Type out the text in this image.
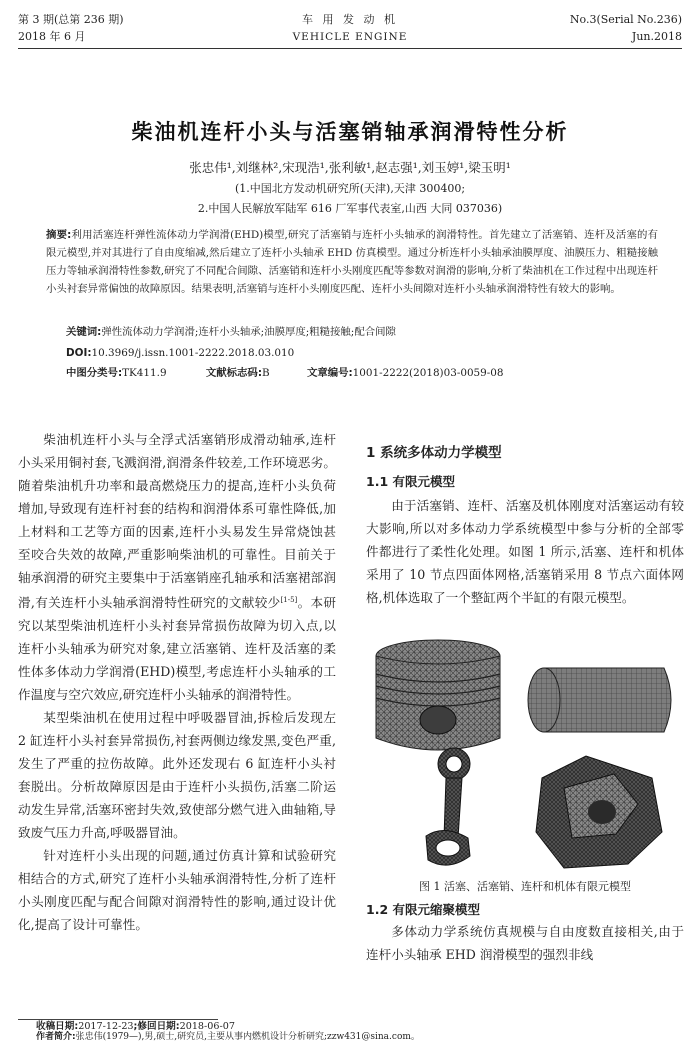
第 3 期(总第 236 期)
2018 年 6 月
车 用 发 动 机
VEHICLE ENGINE
No.3(Serial No.236)
Jun.2018
柴油机连杆小头与活塞销轴承润滑特性分析
张忠伟¹,刘继林²,宋现浩¹,张利敏¹,赵志强¹,刘玉婷¹,梁玉明¹
(1.中国北方发动机研究所(天津),天津 300400;
2.中国人民解放军陆军 616 厂军事代表室,山西 大同 037036)
摘要:利用活塞连杆弹性流体动力学润滑(EHD)模型,研究了活塞销与连杆小头轴承的润滑特性。首先建立了活塞销、连杆及活塞的有限元模型,并对其进行了自由度缩减,然后建立了连杆小头轴承 EHD 仿真模型。通过分析连杆小头轴承油膜厚度、油膜压力、粗糙接触压力等轴承润滑特性参数,研究了不同配合间隙、活塞销和连杆小头刚度匹配等参数对润滑的影响,分析了柴油机在工作过程中出现连杆小头衬套异常偏蚀的故障原因。结果表明,活塞销与连杆小头刚度匹配、连杆小头间隙对连杆小头轴承润滑特性有较大的影响。
关键词:弹性流体动力学润滑;连杆小头轴承;油膜厚度;粗糙接触;配合间隙
DOI:10.3969/j.issn.1001-2222.2018.03.010
中图分类号:TK411.9	文献标志码:B	文章编号:1001-2222(2018)03-0059-08

柴油机连杆小头与全浮式活塞销形成滑动轴承,连杆小头采用铜衬套,飞溅润滑,润滑条件较差,工作环境恶劣。随着柴油机升功率和最高燃烧压力的提高,连杆小头负荷增加,导致现有连杆衬套的结构和润滑体系可靠性降低,加上材料和工艺等方面的因素,连杆小头易发生异常烧蚀甚至咬合失效的故障,严重影响柴油机的可靠性。目前关于轴承润滑的研究主要集中于活塞销座孔轴承和活塞裙部润滑,有关连杆小头轴承润滑特性研究的文献较少[1-5]。本研究以某型柴油机连杆小头衬套异常损伤故障为切入点,以连杆小头轴承为研究对象,建立活塞销、连杆及活塞的柔性体多体动力学润滑(EHD)模型,考虑连杆小头轴承的工作温度与空穴效应,研究连杆小头轴承的润滑特性。

某型柴油机在使用过程中呼吸器冒油,拆检后发现左 2 缸连杆小头衬套异常损伤,衬套两侧边缘发黑,变色严重,发生了严重的拉伤故障。此外还发现右 6 缸连杆小头衬套脱出。分析故障原因是由于连杆小头损伤,活塞二阶运动发生异常,活塞环密封失效,致使部分燃气进入曲轴箱,导致废气压力升高,呼吸器冒油。

针对连杆小头出现的问题,通过仿真计算和试验研究相结合的方式,研究了连杆小头轴承润滑特性,分析了连杆小头刚度匹配与配合间隙对润滑特性的影响,通过设计优化,提高了设计可靠性。

1 系统多体动力学模型
1.1 有限元模型

由于活塞销、连杆、活塞及机体刚度对活塞运动有较大影响,所以对多体动力学系统模型中参与分析的全部零件都进行了柔性化处理。如图 1 所示,活塞、连杆和机体采用了 10 节点四面体网格,活塞销采用 8 节点六面体网格,机体选取了一个整缸两个半缸的有限元模型。

图 1 活塞、活塞销、连杆和机体有限元模型
1.2 有限元缩聚模型

多体动力学系统仿真规模与自由度数直接相关,由于连杆小头轴承 EHD 润滑模型的强烈非线

收稿日期:2017-12-23;修回日期:2018-06-07
作者简介:张忠伟(1979—),男,硕士,研究员,主要从事内燃机设计分析研究;zzw431@sina.com。
